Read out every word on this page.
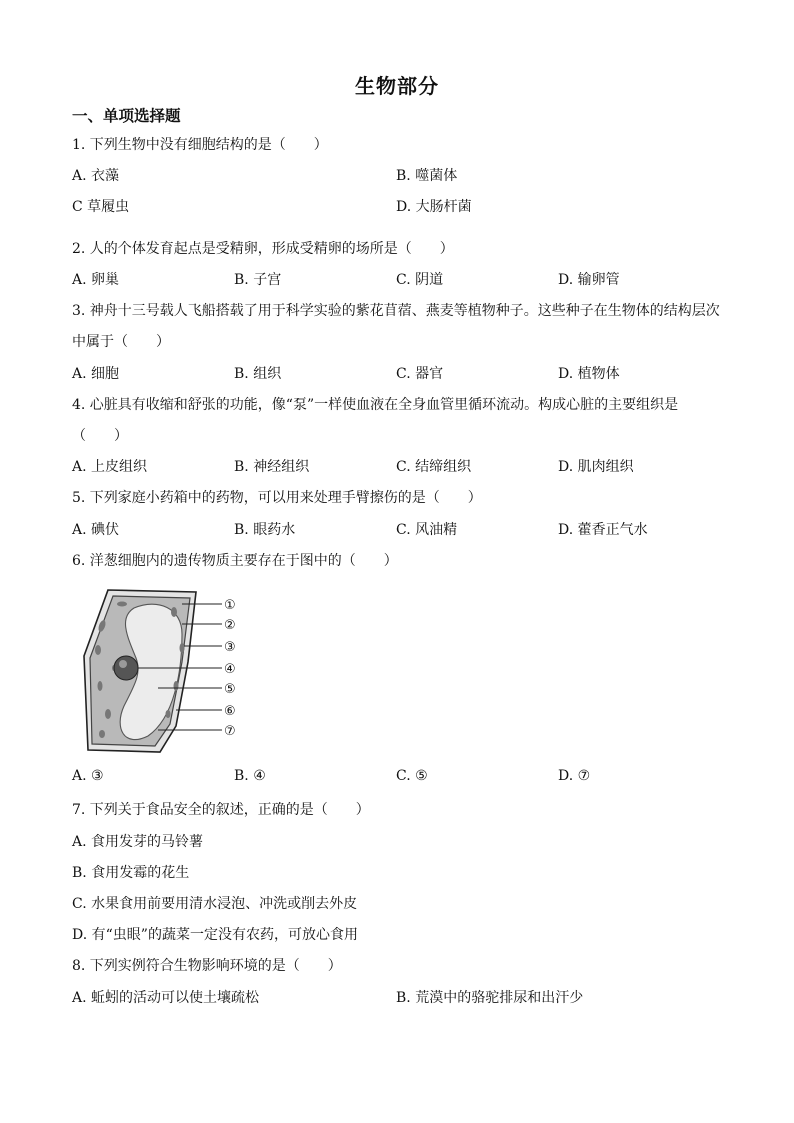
生物部分
一、单项选择题
1. 下列生物中没有细胞结构的是（　　）
A. 衣藻	B. 噬菌体
C 草履虫	D. 大肠杆菌
2. 人的个体发育起点是受精卵，形成受精卵的场所是（　　）
A. 卵巢	B. 子宫	C. 阴道	D. 输卵管
3. 神舟十三号载人飞船搭载了用于科学实验的紫花苜蓿、燕麦等植物种子。这些种子在生物体的结构层次
中属于（　　）
A. 细胞	B. 组织	C. 器官	D. 植物体
4. 心脏具有收缩和舒张的功能，像“泵”一样使血液在全身血管里循环流动。构成心脏的主要组织是
（　　）
A. 上皮组织	B. 神经组织	C. 结缔组织	D. 肌肉组织
5. 下列家庭小药箱中的药物，可以用来处理手臂擦伤的是（　　）
A. 碘伏	B. 眼药水	C. 风油精	D. 藿香正气水
6. 洋葱细胞内的遗传物质主要存在于图中的（　　）
①
②
③
④
⑤
⑥
⑦
A. ③	B. ④	C. ⑤	D. ⑦
7. 下列关于食品安全的叙述，正确的是（　　）
A. 食用发芽的马铃薯
B. 食用发霉的花生
C. 水果食用前要用清水浸泡、冲洗或削去外皮
D. 有“虫眼”的蔬菜一定没有农药，可放心食用
8. 下列实例符合生物影响环境的是（　　）
A. 蚯蚓的活动可以使土壤疏松	B. 荒漠中的骆驼排尿和出汗少
